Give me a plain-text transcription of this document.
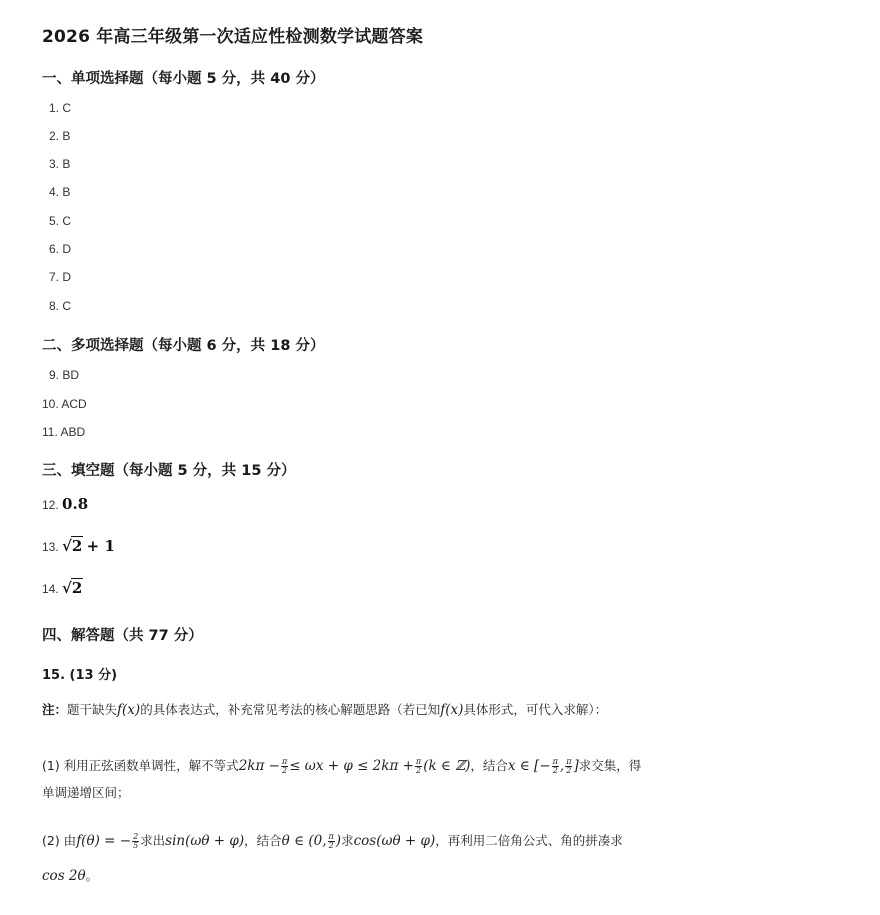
2026 年高三年级第一次适应性检测数学试题答案
一、单项选择题（每小题 5 分，共 40 分）
1. C
2. B
3. B
4. B
5. C
6. D
7. D
8. C
二、多项选择题（每小题 6 分，共 18 分）
9. BD
10. ACD
11. ABD
三、填空题（每小题 5 分，共 15 分）
12. 0.8
13. √2 + 1
14. √2
四、解答题（共 77 分）
15. (13 分)
注：题干缺失f(x)的具体表达式，补充常见考法的核心解题思路（若已知f(x)具体形式，可代入求解）：
(1) 利用正弦函数单调性，解不等式$2k\pi - \frac{\pi}{2} \le \omega x + \varphi \le 2k\pi + \frac{\pi}{2} (k$ ∈ ℤ)，结合x ∈ [− $\frac{\pi}{2}$ , $\frac{\pi}{2}$ ]求交集，得
单调递增区间；
(2) 由f(θ) = − $\frac{2}{5}$ 求出sin(ωθ + φ)，结合θ ∈ (0, $\frac{\pi}{2}$ )求cos(ωθ + φ)，再利用二倍角公式、角的拼凑求
cos 2θ。
